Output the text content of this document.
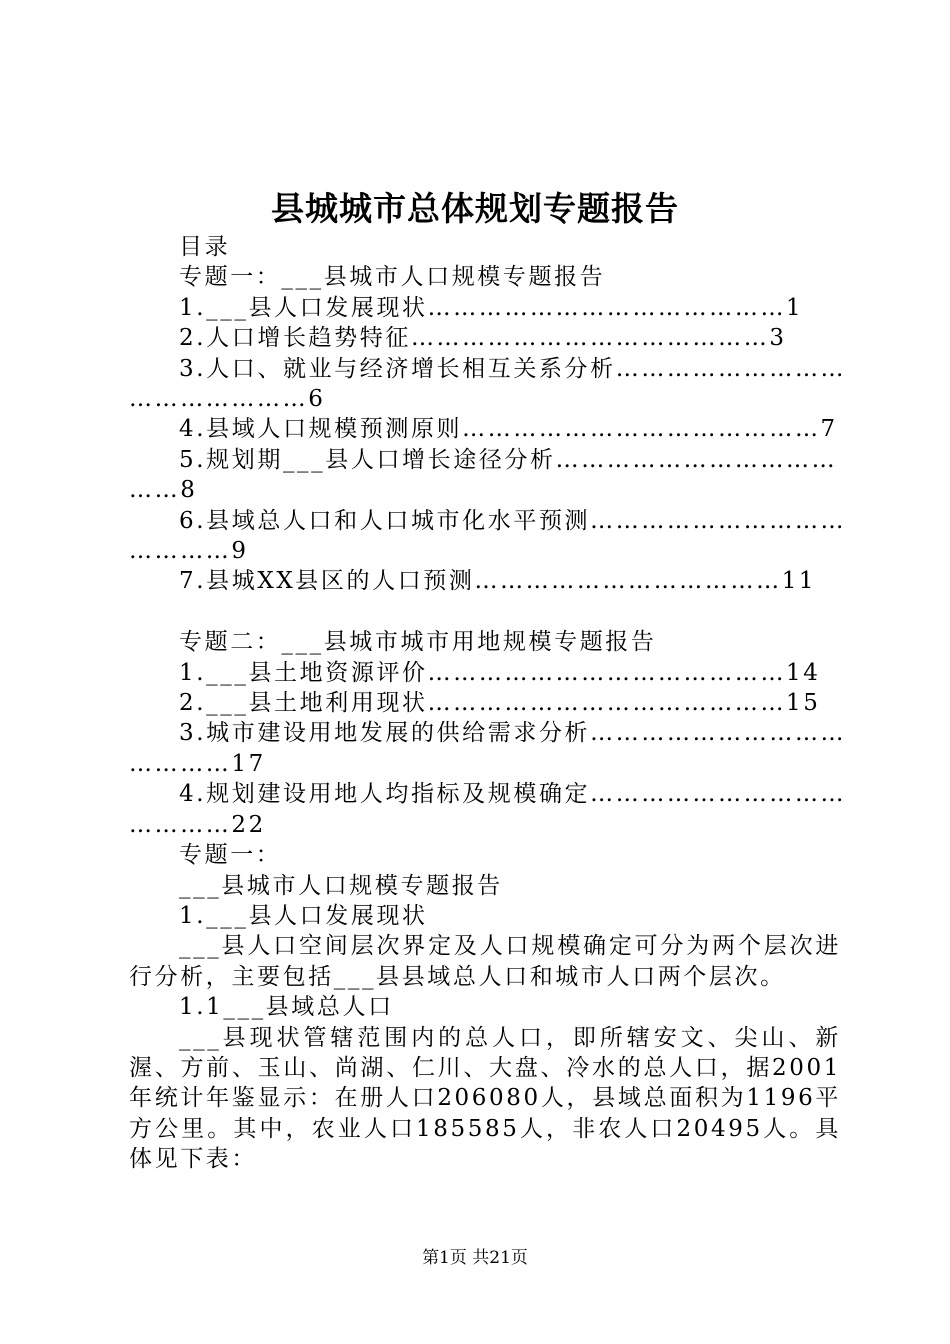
县城城市总体规划专题报告
目录
专题一：___县城市人口规模专题报告
1.___县人口发展现状……………………………………1
2.人口增长趋势特征……………………………………3
3.人口、就业与经济增长相互关系分析………………………
…………………6
4.县域人口规模预测原则……………………………………7
5.规划期___县人口增长途径分析……………………………
……8
6.县域总人口和人口城市化水平预测…………………………
…………9
7.县城XX县区的人口预测………………………………11
专题二：___县城市城市用地规模专题报告
1.___县土地资源评价……………………………………14
2.___县土地利用现状……………………………………15
3.城市建设用地发展的供给需求分析…………………………
…………17
4.规划建设用地人均指标及规模确定…………………………
…………22
专题一：
___县城市人口规模专题报告
1.___县人口发展现状
___县人口空间层次界定及人口规模确定可分为两个层次进行分析，主要包括___县县域总人口和城市人口两个层次。
1.1___县域总人口
___县现状管辖范围内的总人口，即所辖安文、尖山、新渥、方前、玉山、尚湖、仁川、大盘、冷水的总人口，据2001年统计年鉴显示：在册人口206080人，县域总面积为1196平方公里。其中，农业人口185585人，非农人口20495人。具体见下表：
第1页 共21页
